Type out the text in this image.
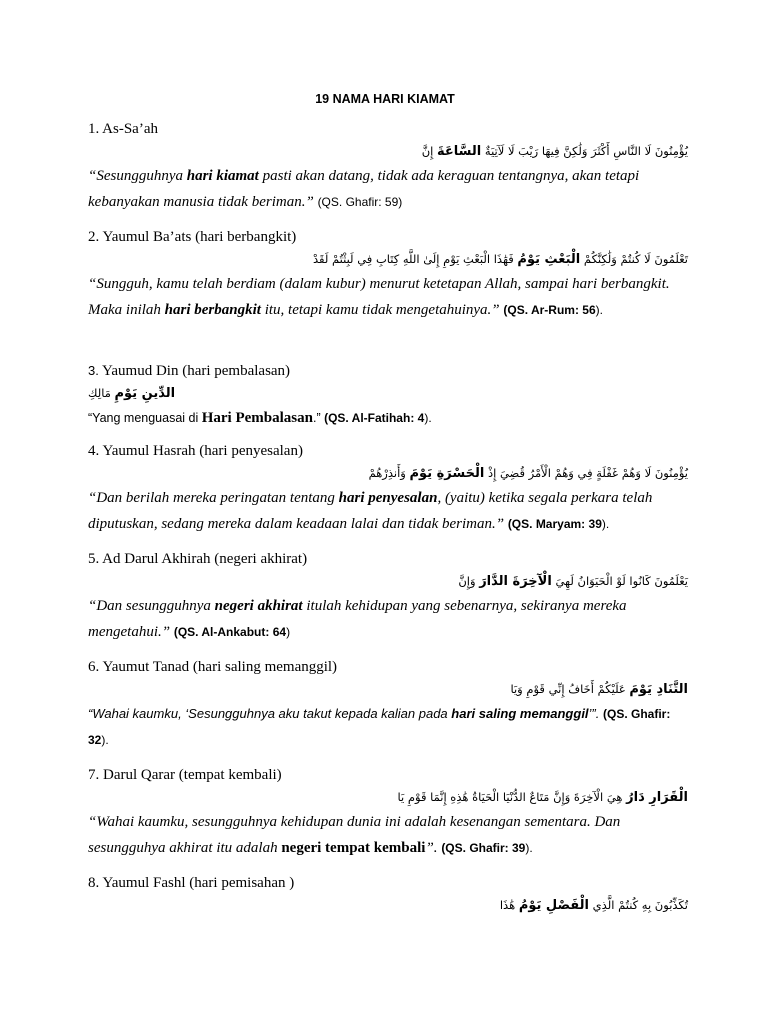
19 NAMA HARI KIAMAT
1. As-Sa’ah
يُؤْمِنُونَ لَا النَّاسِ أَكْثَرَ وَلَٰكِنَّ فِيهَا رَيْبَ لَا لَآتِيَةٌ السَّاعَةَ إِنَّ
“Sesungguhnya hari kiamat pasti akan datang, tidak ada keraguan tentangnya, akan tetapi kebanyakan manusia tidak beriman.” (QS. Ghafir: 59)
2. Yaumul Ba’ats (hari berbangkit)
تَعْلَمُونَ لَا كُنتُمْ وَلَٰكِنَّكُمْ الْبَعْثِ يَوْمُ فَهَٰذَا الْبَعْثِ يَوْمِ إِلَىٰ اللَّهِ كِتَابِ فِي لَبِثْتُمْ لَقَدْ
“Sungguh, kamu telah berdiam (dalam kubur) menurut ketetapan Allah, sampai hari berbangkit. Maka inilah hari berbangkit itu, tetapi kamu tidak mengetahuinya.” (QS. Ar-Rum: 56).
3. Yaumud Din (hari pembalasan)
الدِّينِ يَوْمِ مَالِكِ
“Yang menguasai di Hari Pembalasan.” (QS. Al-Fatihah: 4).
4. Yaumul Hasrah (hari penyesalan)
يُؤْمِنُونَ لَا وَهُمْ غَفْلَةٍ فِي وَهُمْ الْأَمْرُ قُضِيَ إِذْ الْحَسْرَةِ يَوْمَ وَأَنذِرْهُمْ
“Dan berilah mereka peringatan tentang hari penyesalan, (yaitu) ketika segala perkara telah diputuskan, sedang mereka dalam keadaan lalai dan tidak beriman.” (QS. Maryam: 39).
5. Ad Darul Akhirah (negeri akhirat)
يَعْلَمُونَ كَانُوا لَوْ الْحَيَوَانُ لَهِيَ الْآخِرَةَ الدَّارَ وَإِنَّ
“Dan sesungguhnya negeri akhirat itulah kehidupan yang sebenarnya, sekiranya mereka mengetahui.” (QS. Al-Ankabut: 64)
6. Yaumut Tanad (hari saling memanggil)
التَّنَادِ يَوْمَ عَلَيْكُمْ أَخَافُ إِنِّي قَوْمِ وَيَا
“Wahai kaumku, ‘Sesungguhnya aku takut kepada kalian pada hari saling memanggil’”. (QS. Ghafir: 32).
7. Darul Qarar (tempat kembali)
الْقَرَارِ دَارُ هِيَ الْآخِرَةَ وَإِنَّ مَتَاعٌ الدُّنْيَا الْحَيَاةُ هَٰذِهِ إِنَّمَا قَوْمِ يَا
“Wahai kaumku, sesungguhnya kehidupan dunia ini adalah kesenangan sementara. Dan sesungguhya akhirat itu adalah negeri tempat kembali”. (QS. Ghafir: 39).
8. Yaumul Fashl (hari pemisahan )
تُكَذِّبُونَ بِهِ كُنتُمْ الَّذِي الْفَصْلِ يَوْمُ هَٰذَا
